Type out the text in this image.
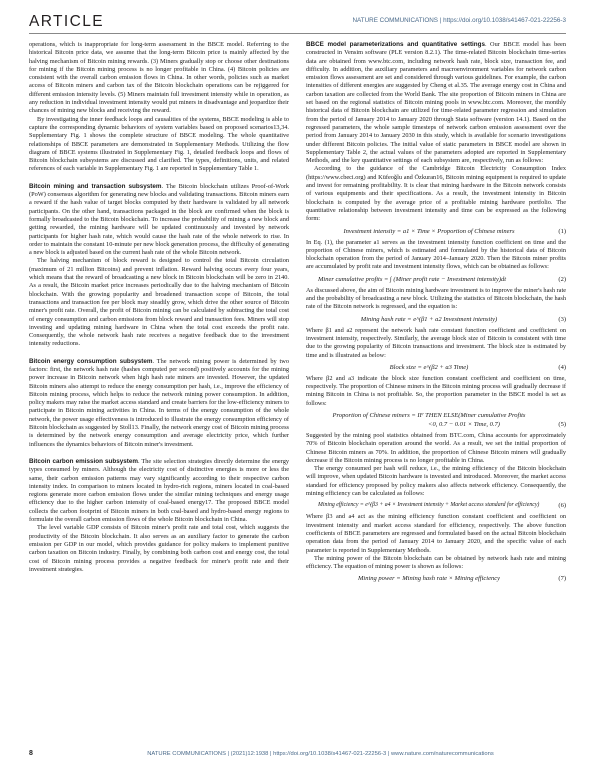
ARTICLE	NATURE COMMUNICATIONS | https://doi.org/10.1038/s41467-021-22256-3

operations, which is inappropriate for long-term assessment in the BBCE model. Referring to the historical Bitcoin price data, we assume that the long-term Bitcoin price is mainly affected by the halving mechanism of Bitcoin mining rewards. (3) Miners gradually stop or choose other destinations for mining if the Bitcoin mining process is no longer profitable in China. (4) Bitcoin policies are consistent with the overall carbon emission flows in China. In other words, policies such as market access of Bitcoin miners and carbon tax of the Bitcoin blockchain operations can be rejiggered for different emission intensity levels. (5) Miners maintain full investment intensity while in operation, as any reduction in individual investment intensity would put miners in disadvantage and jeopardize their chances of mining new blocks and receiving the reward.

By investigating the inner feedback loops and causalities of the systems, BBCE modeling is able to capture the corresponding dynamic behaviors of system variables based on proposed scenarios13,34. Supplementary Fig. 1 shows the complete structure of BBCE modeling. The whole quantitative relationships of BBCE parameters are demonstrated in Supplementary Methods. Utilizing the flow diagram of BBCE systems illustrated in Supplementary Fig. 1, detailed feedback loops and flows of Bitcoin blockchain subsystems are discussed and clarified. The types, definitions, units, and related references of each variable in Supplementary Fig. 1 are reported in Supplementary Table 1.

Bitcoin mining and transaction subsystem. The Bitcoin blockchain utilizes Proof-of-Work (PoW) consensus algorithm for generating new blocks and validating transactions. Bitcoin miners earn a reward if the hash value of target blocks computed by their hardware is validated by all network participants. On the other hand, transactions packaged in the block are confirmed when the block is formally broadcasted to the Bitcoin blockchain. To increase the probability of mining a new block and getting rewarded, the mining hardware will be updated continuously and invested by network participants for higher hash rate, which would cause the hash rate of the whole network to rise. In order to maintain the constant 10-minute per new block generation process, the difficulty of generating a new block is adjusted based on the current hash rate of the whole Bitcoin network.

The halving mechanism of block reward is designed to control the total Bitcoin circulation (maximum of 21 million Bitcoins) and prevent inflation. Reward halving occurs every four years, which means that the reward of broadcasting a new block in Bitcoin blockchain will be zero in 2140. As a result, the Bitcoin market price increases periodically due to the halving mechanism of Bitcoin blockchain. With the growing popularity and broadened transaction scope of Bitcoin, the total transactions and transaction fee per block may steadily grow, which drive the other source of Bitcoin miner's profit rate. Overall, the profit of Bitcoin mining can be calculated by subtracting the total cost of energy consumption and carbon emissions from block reward and transaction fees. Miners will stop investing and updating mining hardware in China when the total cost exceeds the profit rate. Consequently, the whole network hash rate receives a negative feedback due to the investment intensity reductions.

Bitcoin energy consumption subsystem. The network mining power is determined by two factors: first, the network hash rate (hashes computed per second) positively accounts for the mining power increase in Bitcoin network when high hash rate miners are invested. However, the updated Bitcoin miners also attempt to reduce the energy consumption per hash, i.e., improve the efficiency of Bitcoin mining process, which helps to reduce the network mining power consumption. In addition, policy makers may raise the market access standard and create barriers for the low-efficiency miners to participate in Bitcoin mining activities in China. In terms of the energy consumption of the whole network, the power usage effectiveness is introduced to illustrate the energy consumption efficiency of Bitcoin blockchain as suggested by Stoll13. Finally, the network energy cost of Bitcoin mining process is determined by the network energy consumption and average electricity price, which further influences the dynamics behaviors of Bitcoin miner's investment.

Bitcoin carbon emission subsystem. The site selection strategies directly determine the energy types consumed by miners. Although the electricity cost of distinctive energies is more or less the same, their carbon emission patterns may vary significantly according to their respective carbon intensity index. In comparison to miners located in hydro-rich regions, miners located in coal-based regions generate more carbon emission flows under the similar mining techniques and energy usage efficiency due to the higher carbon intensity of coal-based energy17. The proposed BBCE model collects the carbon footprint of Bitcoin miners in both coal-based and hydro-based energy regions to formulate the overall carbon emission flows of the whole Bitcoin blockchain in China.

The level variable GDP consists of Bitcoin miner's profit rate and total cost, which suggests the productivity of the Bitcoin blockchain. It also serves as an auxiliary factor to generate the carbon emission per GDP in our model, which provides guidance for policy makers to implement punitive carbon taxation on Bitcoin industry. Finally, by combining both carbon cost and energy cost, the total cost of Bitcoin mining process provides a negative feedback for miner's profit rate and their investment strategies.

BBCE model parameterizations and quantitative settings. Our BBCE model has been constructed in Vensim software (PLE version 8.2.1). The time-related Bitcoin blockchain time-series data are obtained from www.btc.com, including network hash rate, block size, transaction fee, and difficulty. In addition, the auxiliary parameters and macroenvironment variables for network carbon emission flows assessment are set and considered through various guidelines. For example, the carbon intensities of different energies are suggested by Cheng et al.35. The average energy cost in China and carbon taxation are collected from the World Bank. The site proportion of Bitcoin miners in China are set based on the regional statistics of Bitcoin mining pools in www.btc.com. Moreover, the monthly historical data of Bitcoin blockchain are utilized for time-related parameter regression and simulation from the period of January 2014 to January 2020 through Stata software (version 14.1). Based on the regressed parameters, the whole sample timesteps of network carbon emission assessment over the period from January 2014 to January 2030 in this study, which is available for scenario investigations under different Bitcoin policies. The initial value of static parameters in BBCE model are shown in Supplementary Table 2, the actual values of the parameters adopted are reported in Supplementary Methods, and the key quantitative settings of each subsystem are, respectively, run as follows:

According to the guidance of the Cambridge Bitcoin Electricity Consumption Index (https://www.cbeci.org) and Küfeoğlu and Özkuran16, Bitcoin mining equipment is required to update and invest for remaining profitability. It is clear that mining hardware in the Bitcoin network consists of various equipments and their specifications. As a result, the investment intensity in Bitcoin blockchain is computed by the average price of a profitable mining hardware portfolio. The quantitative relationship between investment intensity and time can be expressed as the following form:

Investment intensity = a1 × Time × Proportion of Chinese miners	(1)

In Eq. (1), the parameter a1 serves as the investment intensity function coefficient on time and the proportion of Chinese miners, which is estimated and formulated by the historical data of Bitcoin blockchain operation from the period of January 2014–January 2020. Then the Bitcoin miner profits are accumulated by profit rate and investment intensity flows, which can be obtained as follows:

Miner cumulative profits = ∫ (Miner profit rate − Investment intensity)dt	(2)

As discussed above, the aim of Bitcoin mining hardware investment is to improve the miner's hash rate and the probability of broadcasting a new block. Utilizing the statistics of Bitcoin blockchain, the hash rate of the Bitcoin network is regressed, and the equation is:

Mining hash rate = e^(β1 + a2 Investment intensity)	(3)

Where β1 and a2 represent the network hash rate constant function coefficient and coefficient on investment intensity, respectively. Similarly, the average block size of Bitcoin is consistent with time due to the growing popularity of Bitcoin transactions and investment. The block size is estimated by time and is illustrated as below:

Block size = e^(β2 + a3 Time)	(4)

Where β2 and a3 indicate the block size function constant coefficient and coefficient on time, respectively. The proportion of Chinese miners in the Bitcoin mining process will gradually decrease if mining Bitcoin in China is not profitable. So, the proportion parameter in the BBCE model is set as follows:

Proportion of Chinese miners = IF THEN ELSE(Miner cumulative Profits
<0, 0.7 − 0.01 × Time, 0.7)	(5)

Suggested by the mining pool statistics obtained from BTC.com, China accounts for approximately 70% of Bitcoin blockchain operation around the world. As a result, we set the initial proportion of Chinese Bitcoin miners as 70%. In addition, the proportion of Chinese Bitcoin miners will gradually decrease if the Bitcoin mining process is no longer profitable in China.

The energy consumed per hash will reduce, i.e., the mining efficiency of the Bitcoin blockchain will improve, when updated Bitcoin hardware is invested and introduced. Moreover, the market access standard for efficiency proposed by policy makers also affects network efficiency. Consequently, the mining efficiency can be calculated as follows:

Mining efficiency = e^(β3 + a4 × Investment intensity + Market access standard for efficiency)	(6)

Where β3 and a4 act as the mining efficiency function constant coefficient and coefficient on investment intensity and market access standard for efficiency, respectively. The above function coefficients of BBCE parameters are regressed and formulated based on the actual Bitcoin blockchain operation data from the period of January 2014 to January 2020, and the specific value of each parameter is reported in Supplementary Methods.

The mining power of the Bitcoin blockchain can be obtained by network hash rate and mining efficiency. The equation of mining power is shown as follows:

Mining power = Mining hash rate × Mining efficiency	(7)
8	NATURE COMMUNICATIONS | (2021)12:1938 | https://doi.org/10.1038/s41467-021-22256-3 | www.nature.com/naturecommunications
